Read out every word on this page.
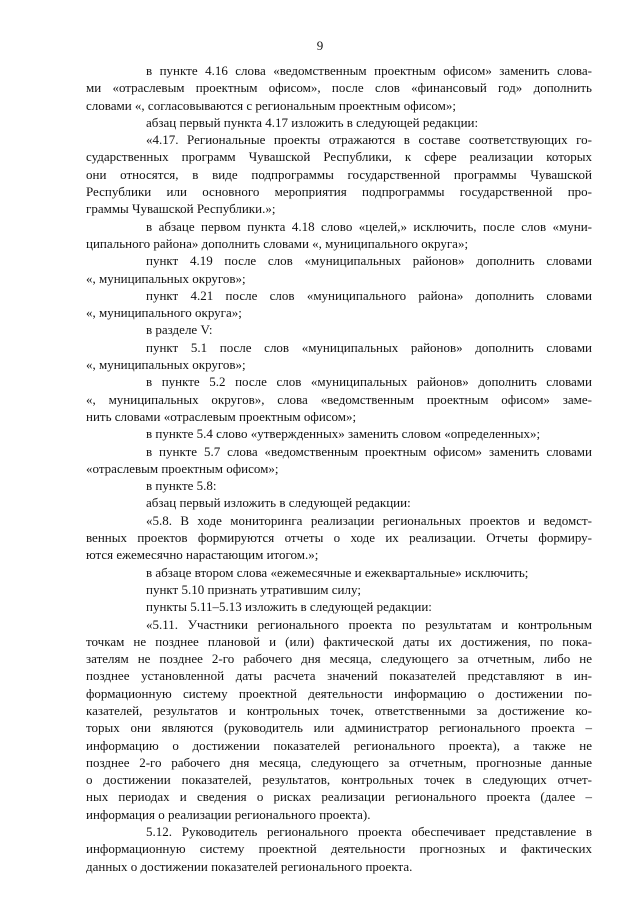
9
в пункте 4.16 слова «ведомственным проектным офисом» заменить слова-
ми «отраслевым проектным офисом», после слов «финансовый год» дополнить
словами «, согласовываются с региональным проектным офисом»;
абзац первый пункта 4.17 изложить в следующей редакции:
«4.17. Региональные проекты отражаются в составе соответствующих го-
сударственных программ Чувашской Республики, к сфере реализации которых
они относятся, в виде подпрограммы государственной программы Чувашской
Республики или основного мероприятия подпрограммы государственной про-
граммы Чувашской Республики.»;
в абзаце первом пункта 4.18 слово «целей,» исключить, после слов «муни-
ципального района» дополнить словами «, муниципального округа»;
пункт 4.19 после слов «муниципальных районов» дополнить словами
«, муниципальных округов»;
пункт 4.21 после слов «муниципального района» дополнить словами
«, муниципального округа»;
в разделе V:
пункт 5.1 после слов «муниципальных районов» дополнить словами
«, муниципальных округов»;
в пункте 5.2 после слов «муниципальных районов» дополнить словами
«, муниципальных округов», слова «ведомственным проектным офисом» заме-
нить словами «отраслевым проектным офисом»;
в пункте 5.4 слово «утвержденных» заменить словом «определенных»;
в пункте 5.7 слова «ведомственным проектным офисом» заменить словами
«отраслевым проектным офисом»;
в пункте 5.8:
абзац первый изложить в следующей редакции:
«5.8. В ходе мониторинга реализации региональных проектов и ведомст-
венных проектов формируются отчеты о ходе их реализации. Отчеты формиру-
ются ежемесячно нарастающим итогом.»;
в абзаце втором слова «ежемесячные и ежеквартальные» исключить;
пункт 5.10 признать утратившим силу;
пункты 5.11–5.13 изложить в следующей редакции:
«5.11. Участники регионального проекта по результатам и контрольным
точкам не позднее плановой и (или) фактической даты их достижения, по пока-
зателям не позднее 2-го рабочего дня месяца, следующего за отчетным, либо не
позднее установленной даты расчета значений показателей представляют в ин-
формационную систему проектной деятельности информацию о достижении по-
казателей, результатов и контрольных точек, ответственными за достижение ко-
торых они являются (руководитель или администратор регионального проекта –
информацию о достижении показателей регионального проекта), а также не
позднее 2-го рабочего дня месяца, следующего за отчетным, прогнозные данные
о достижении показателей, результатов, контрольных точек в следующих отчет-
ных периодах и сведения о рисках реализации регионального проекта (далее –
информация о реализации регионального проекта).
5.12. Руководитель регионального проекта обеспечивает представление в
информационную систему проектной деятельности прогнозных и фактических
данных о достижении показателей регионального проекта.
